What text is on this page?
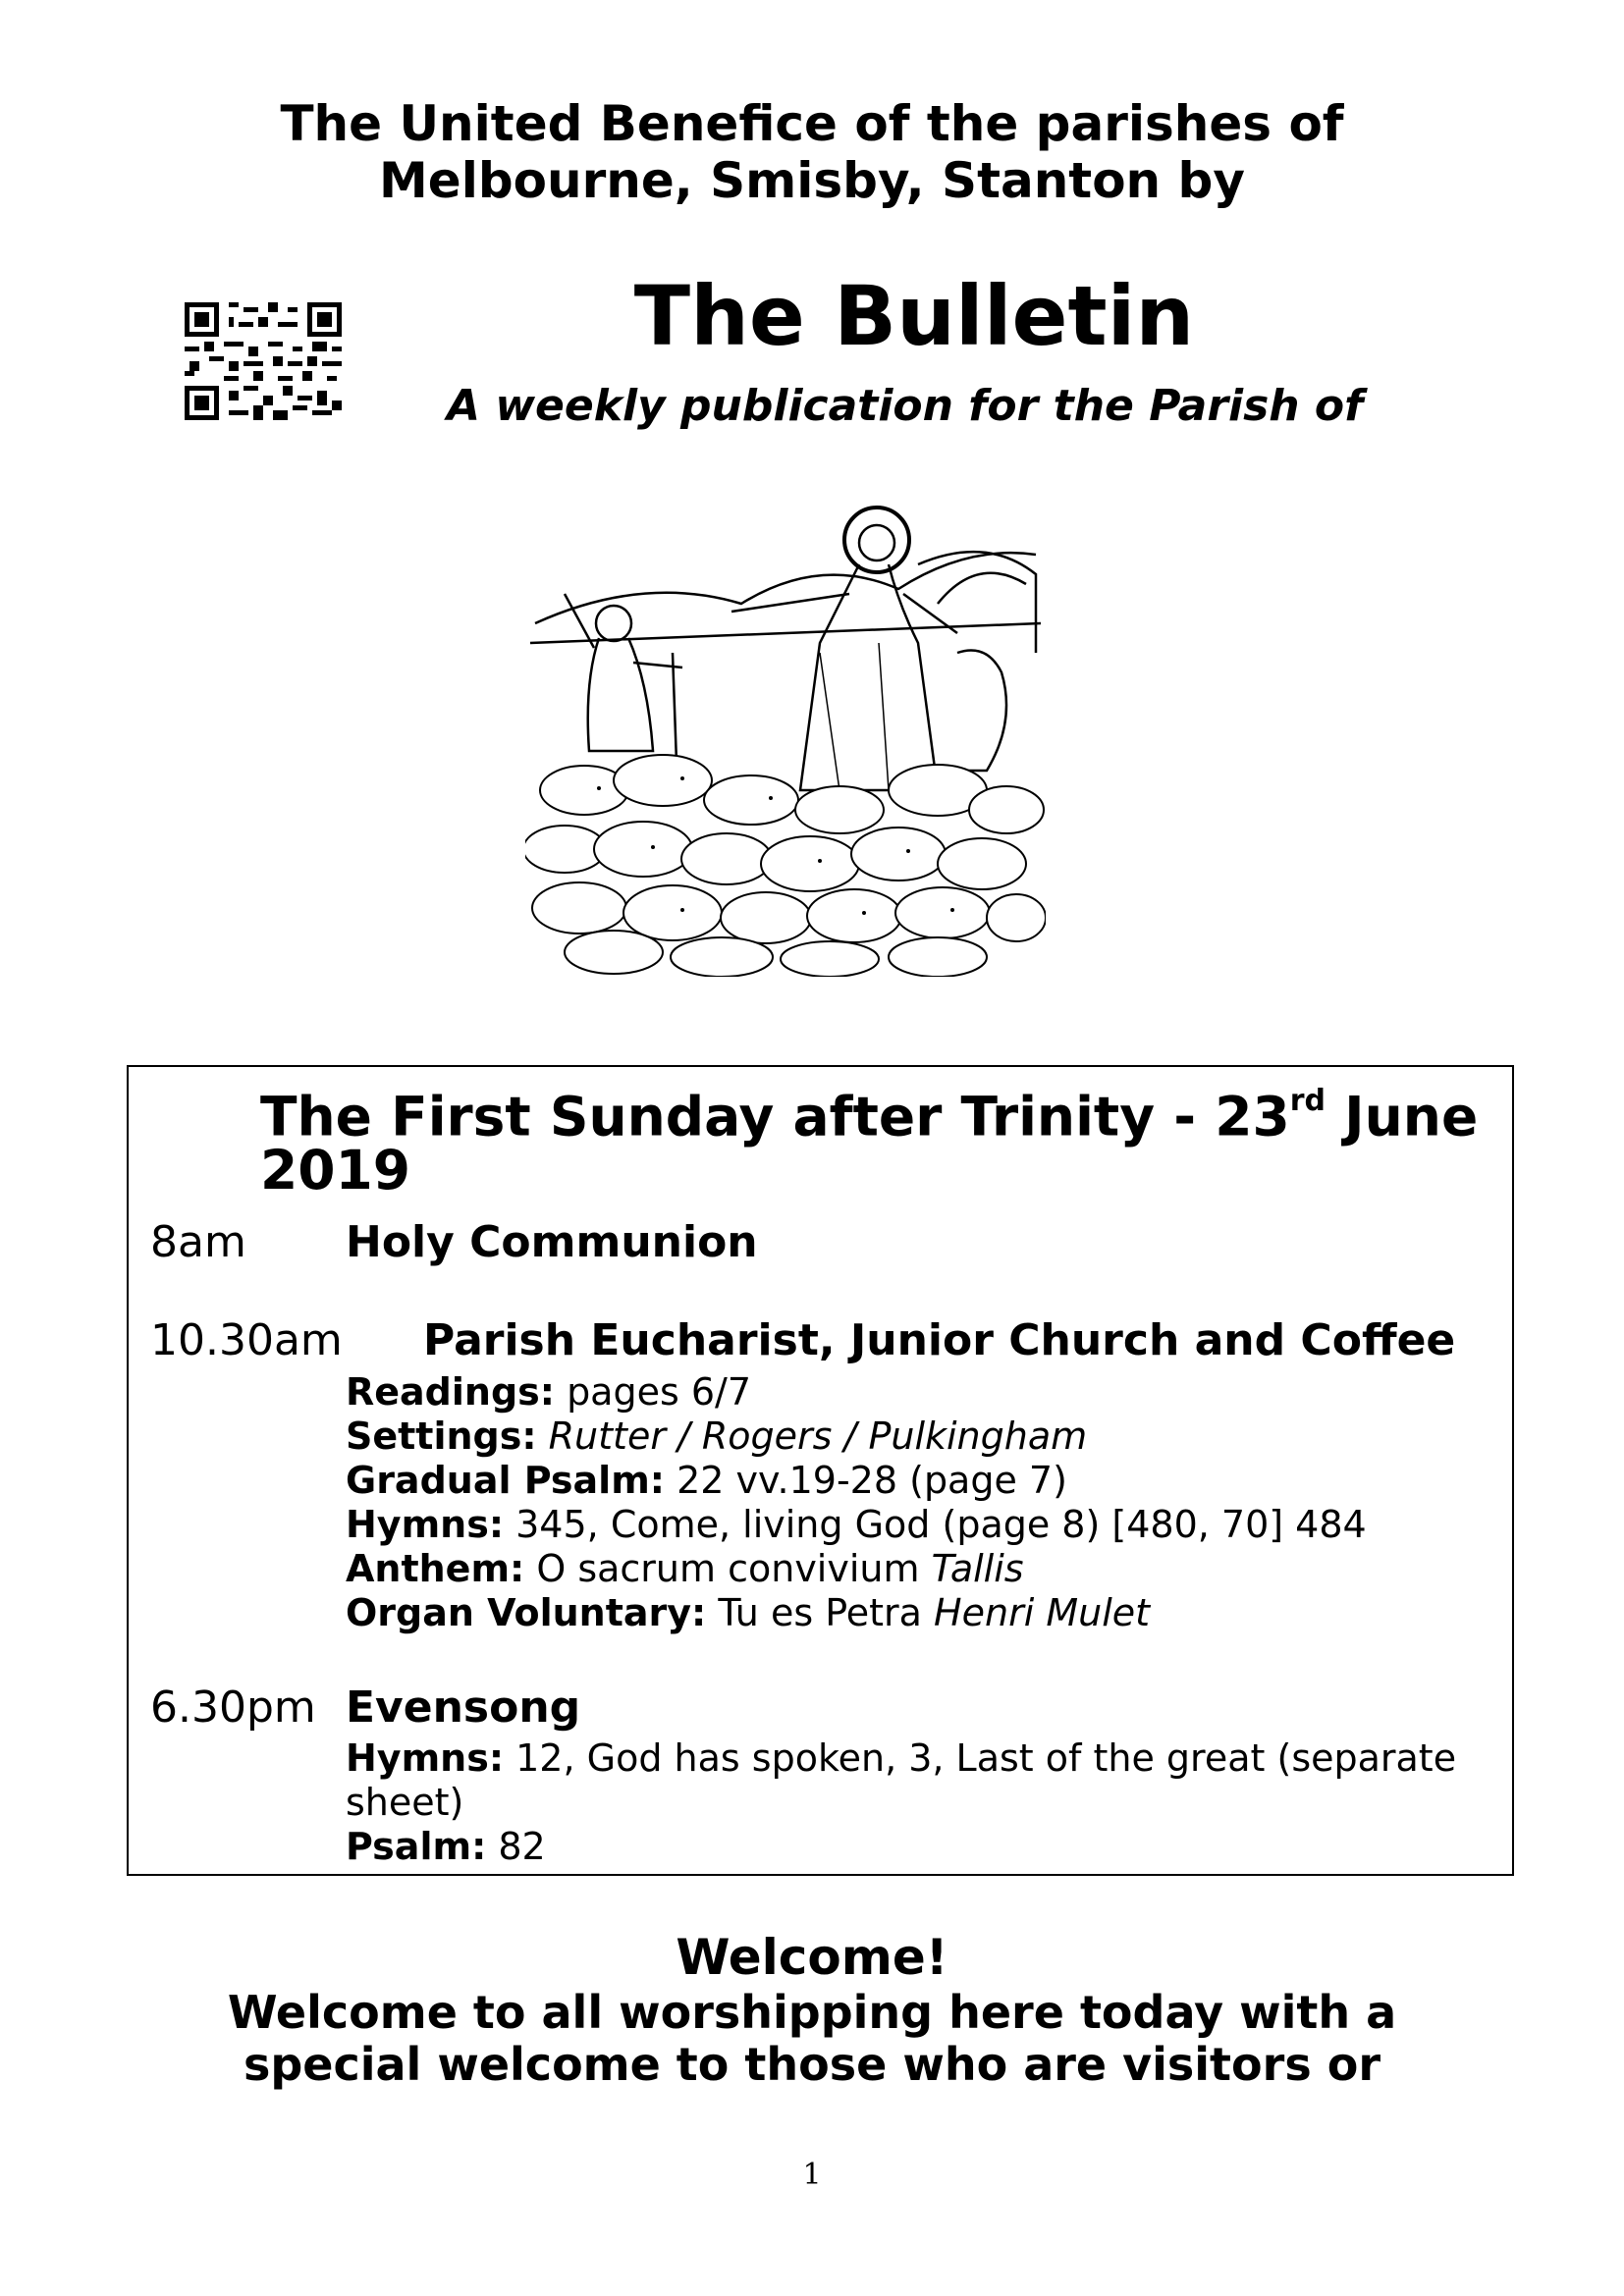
The United Benefice of the parishes of
Melbourne, Smisby, Stanton by
The Bulletin
A weekly publication for the Parish of
The First Sunday after Trinity - 23rd June
2019
8am Holy Communion
10.30am Parish Eucharist, Junior Church and Coffee
Readings: pages 6/7
Settings: Rutter / Rogers / Pulkingham
Gradual Psalm: 22 vv.19-28 (page 7)
Hymns: 345, Come, living God (page 8) [480, 70] 484
Anthem: O sacrum convivium Tallis
Organ Voluntary: Tu es Petra Henri Mulet
6.30pm Evensong
Hymns: 12, God has spoken, 3, Last of the great (separate
sheet)
Psalm: 82
Welcome!
Welcome to all worshipping here today with a
special welcome to those who are visitors or
1
